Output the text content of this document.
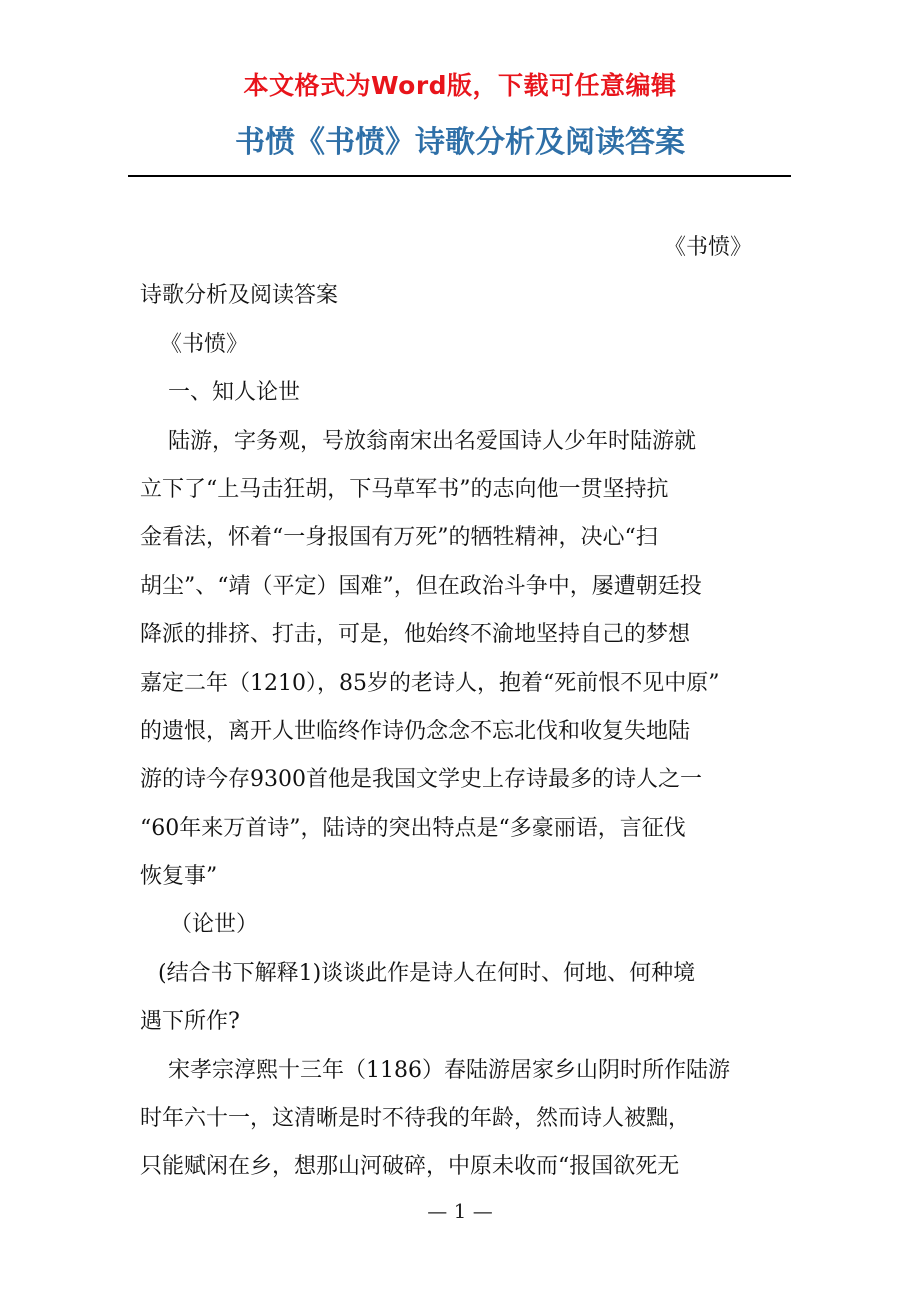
本文格式为Word版，下载可任意编辑
书愤《书愤》诗歌分析及阅读答案
《书愤》
诗歌分析及阅读答案
《书愤》
一、知人论世
陆游，字务观，号放翁南宋出名爱国诗人少年时陆游就
立下了“上马击狂胡，下马草军书”的志向他一贯坚持抗
金看法，怀着“一身报国有万死”的牺牲精神，决心“扫
胡尘”、“靖（平定）国难”，但在政治斗争中，屡遭朝廷投
降派的排挤、打击，可是，他始终不渝地坚持自己的梦想
嘉定二年（1210），85岁的老诗人，抱着“死前恨不见中原”
的遗恨，离开人世临终作诗仍念念不忘北伐和收复失地陆
游的诗今存9300首他是我国文学史上存诗最多的诗人之一
“60年来万首诗”，陆诗的突出特点是“多豪丽语，言征伐
恢复事”
（论世）
(结合书下解释1)谈谈此作是诗人在何时、何地、何种境
遇下所作?
宋孝宗淳熙十三年（1186）春陆游居家乡山阴时所作陆游
时年六十一，这清晰是时不待我的年龄，然而诗人被黜，
只能赋闲在乡，想那山河破碎，中原未收而“报国欲死无
— 1 —
